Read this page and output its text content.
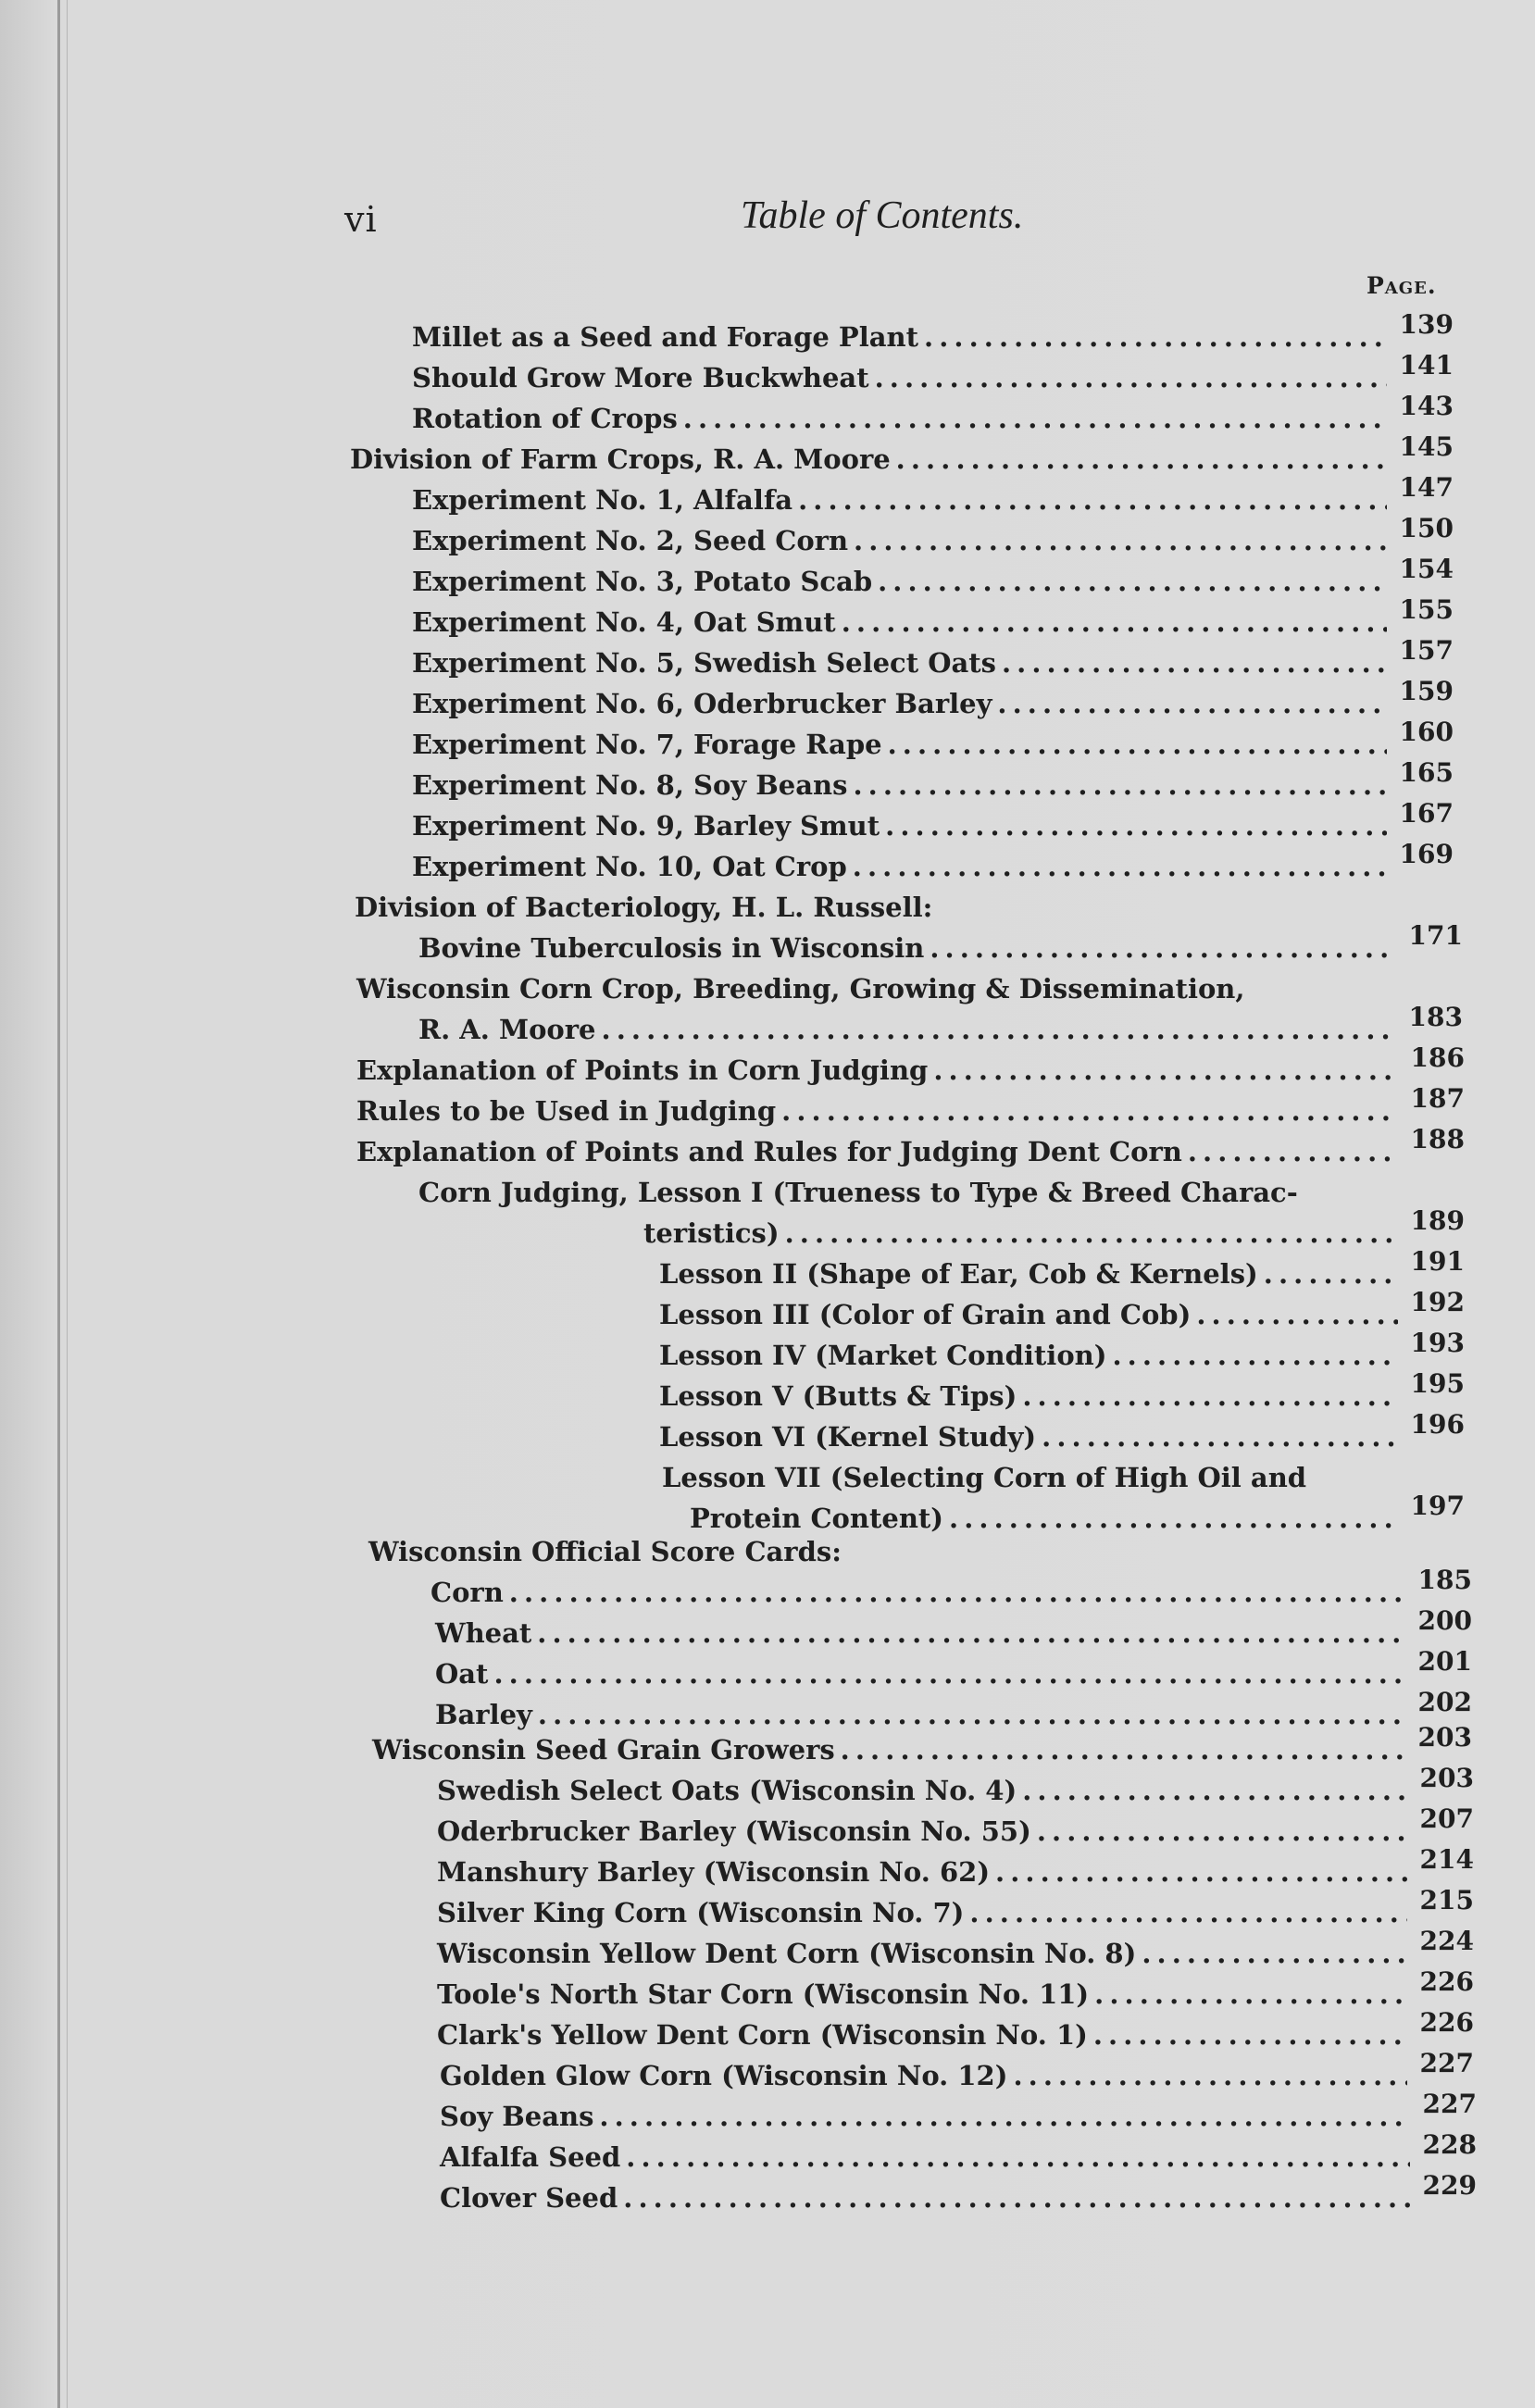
vi	Table of Contents.
Page.
Millet as a Seed and Forage Plant . . .	139
Should Grow More Buckwheat . . .	141
Rotation of Crops . . .	143
Division of Farm Crops, R. A. Moore . . .	145
Experiment No. 1, Alfalfa . . .	147
Experiment No. 2, Seed Corn . . .	150
Experiment No. 3, Potato Scab . . .	154
Experiment No. 4, Oat Smut . . .	155
Experiment No. 5, Swedish Select Oats . . .	157
Experiment No. 6, Oderbrucker Barley . . .	159
Experiment No. 7, Forage Rape . . .	160
Experiment No. 8, Soy Beans . . .	165
Experiment No. 9, Barley Smut . . .	167
Experiment No. 10, Oat Crop . . .	169
Division of Bacteriology, H. L. Russell:
Bovine Tuberculosis in Wisconsin . . .	171
Wisconsin Corn Crop, Breeding, Growing & Dissemination,
R. A. Moore . . .	183
Explanation of Points in Corn Judging . . .	186
Rules to be Used in Judging . . .	187
Explanation of Points and Rules for Judging Dent Corn . . .	188
Corn Judging, Lesson I (Trueness to Type & Breed Charac-
teristics) . . .	189
Lesson II (Shape of Ear, Cob & Kernels) . . .	191
Lesson III (Color of Grain and Cob) . . .	192
Lesson IV (Market Condition) . . .	193
Lesson V (Butts & Tips) . . .	195
Lesson VI (Kernel Study) . . .	196
Lesson VII (Selecting Corn of High Oil and
Protein Content) . . .	197
Wisconsin Official Score Cards:
Corn . . .	185
Wheat . . .	200
Oat . . .	201
Barley . . .	202
Wisconsin Seed Grain Growers . . .	203
Swedish Select Oats (Wisconsin No. 4) . . .	203
Oderbrucker Barley (Wisconsin No. 55) . . .	207
Manshury Barley (Wisconsin No. 62) . . .	214
Silver King Corn (Wisconsin No. 7) . . .	215
Wisconsin Yellow Dent Corn (Wisconsin No. 8) . . .	224
Toole's North Star Corn (Wisconsin No. 11) . . .	226
Clark's Yellow Dent Corn (Wisconsin No. 1) . . .	226
Golden Glow Corn (Wisconsin No. 12) . . .	227
Soy Beans . . .	227
Alfalfa Seed . . .	228
Clover Seed . . .	229
